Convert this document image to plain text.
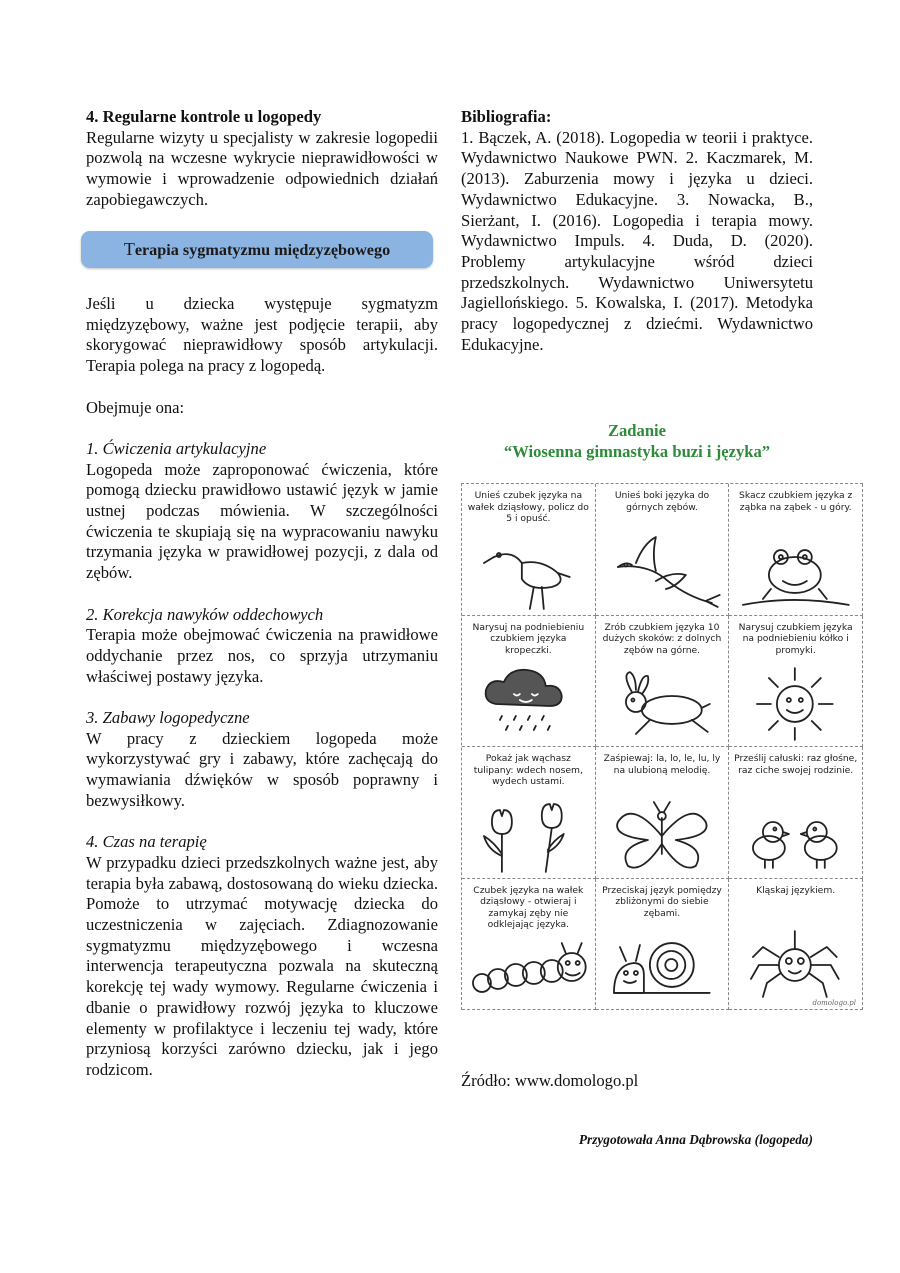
4. Regularne kontrole u logopedy

Regularne wizyty u specjalisty w zakresie logopedii pozwolą na wczesne wykrycie nieprawidłowości w wymowie i wprowadzenie odpowiednich działań zapobiegawczych.

Terapia sygmatyzmu międzyzębowego

Jeśli u dziecka występuje sygmatyzm międzyzębowy, ważne jest podjęcie terapii, aby skorygować nieprawidłowy sposób artykulacji. Terapia polega na pracy z logopedą.

Obejmuje ona:

1. Ćwiczenia artykulacyjne

Logopeda może zaproponować ćwiczenia, które pomogą dziecku prawidłowo ustawić język w jamie ustnej podczas mówienia. W szczególności ćwiczenia te skupiają się na wypracowaniu nawyku trzymania języka w prawidłowej pozycji, z dala od zębów.

2. Korekcja nawyków oddechowych

Terapia może obejmować ćwiczenia na prawidłowe oddychanie przez nos, co sprzyja utrzymaniu właściwej postawy języka.

3. Zabawy logopedyczne

W pracy z dzieckiem logopeda może wykorzystywać gry i zabawy, które zachęcają do wymawiania dźwięków w sposób poprawny i bezwysiłkowy.

4. Czas na terapię

W przypadku dzieci przedszkolnych ważne jest, aby terapia była zabawą, dostosowaną do wieku dziecka. Pomoże to utrzymać motywację dziecka do uczestniczenia w zajęciach. Zdiagnozowanie sygmatyzmu międzyzębowego i wczesna interwencja terapeutyczna pozwala na skuteczną korekcję tej wady wymowy. Regularne ćwiczenia i dbanie o prawidłowy rozwój języka to kluczowe elementy w profilaktyce i leczeniu tej wady, które przyniosą korzyści zarówno dziecku, jak i jego rodzicom.

Bibliografia:

1. Bączek, A. (2018). Logopedia w teorii i praktyce. Wydawnictwo Naukowe PWN. 2. Kaczmarek, M. (2013). Zaburzenia mowy i języka u dzieci. Wydawnictwo Edukacyjne. 3. Nowacka, B., Sierżant, I. (2016). Logopedia i terapia mowy. Wydawnictwo Impuls. 4. Duda, D. (2020). Problemy artykulacyjne wśród dzieci przedszkolnych. Wydawnictwo Uniwersytetu Jagiellońskiego. 5. Kowalska, I. (2017). Metodyka pracy logopedycznej z dziećmi. Wydawnictwo Edukacyjne.

Zadanie
“Wiosenna gimnastyka buzi i języka”
Unieś czubek języka na wałek dziąsłowy, policz do 5 i opuść.
Unieś boki języka do górnych zębów.
Skacz czubkiem języka z ząbka na ząbek - u góry.
Narysuj na podniebieniu czubkiem języka kropeczki.
Zrób czubkiem języka 10 dużych skoków: z dolnych zębów na górne.
Narysuj czubkiem języka na podniebieniu kółko i promyki.
Pokaż jak wąchasz tulipany: wdech nosem, wydech ustami.
Zaśpiewaj: la, lo, le, lu, ly na ulubioną melodię.
Prześlij całuski: raz głośne, raz ciche swojej rodzinie.
Czubek języka na wałek dziąsłowy - otwieraj i zamykaj zęby nie odklejając języka.
Przeciskaj język pomiędzy zbliżonymi do siebie zębami.
Kląskaj językiem.
domologo.pl
Źródło: www.domologo.pl
Przygotowała Anna Dąbrowska (logopeda)
